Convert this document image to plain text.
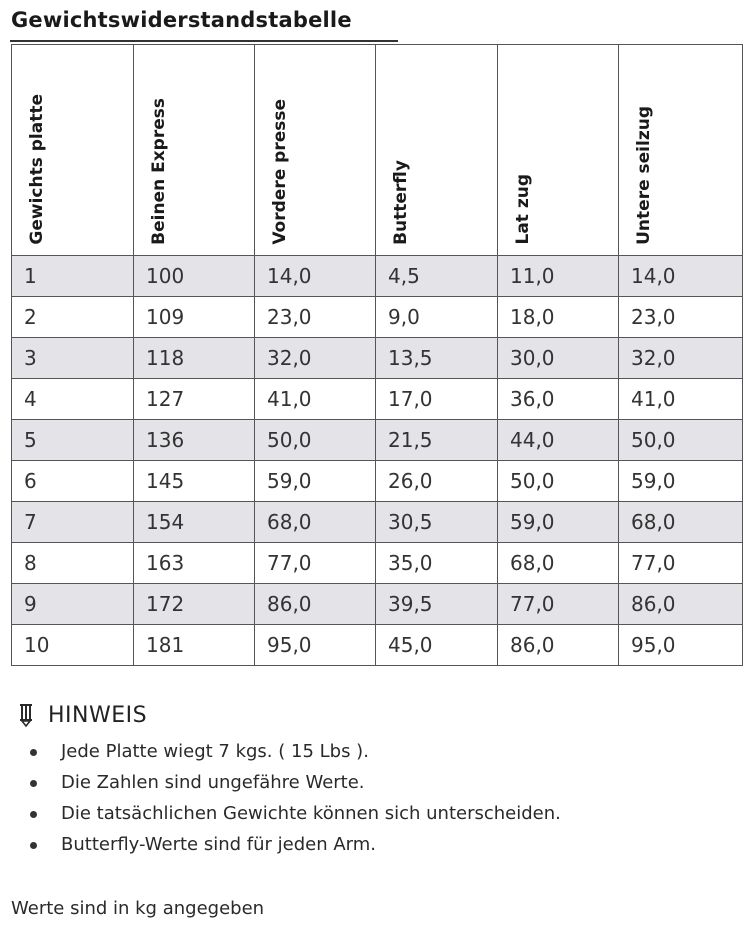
Gewichtswiderstandstabelle
Gewichts platte	Beinen Express	Vordere presse	Butterfly	Lat zug	Untere seilzug

1	100	14,0	4,5	11,0	14,0
2	109	23,0	9,0	18,0	23,0
3	118	32,0	13,5	30,0	32,0
4	127	41,0	17,0	36,0	41,0
5	136	50,0	21,5	44,0	50,0
6	145	59,0	26,0	50,0	59,0
7	154	68,0	30,5	59,0	68,0
8	163	77,0	35,0	68,0	77,0
9	172	86,0	39,5	77,0	86,0
10	181	95,0	45,0	86,0	95,0
HINWEIS
Jede Platte wiegt 7 kgs. ( 15 Lbs ).
Die Zahlen sind ungefähre Werte.
Die tatsächlichen Gewichte können sich unterscheiden.
Butterfly-Werte sind für jeden Arm.
Werte sind in kg angegeben
